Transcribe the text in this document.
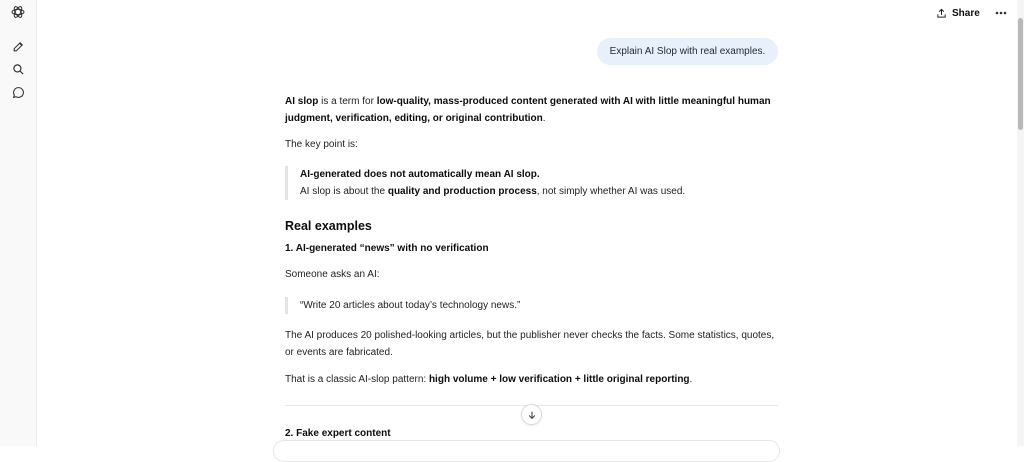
Share
Explain AI Slop with real examples.

AI slop is a term for low-quality, mass-produced content generated with AI with little meaningful human judgment, verification, editing, or original contribution.

The key point is:

AI-generated does not automatically mean AI slop.
AI slop is about the quality and production process, not simply whether AI was used.
Real examples
1. AI-generated “news” with no verification

Someone asks an AI:

“Write 20 articles about today’s technology news.”

The AI produces 20 polished-looking articles, but the publisher never checks the facts. Some statistics, quotes, or events are fabricated.

That is a classic AI-slop pattern: high volume + low verification + little original reporting.

2. Fake expert content
